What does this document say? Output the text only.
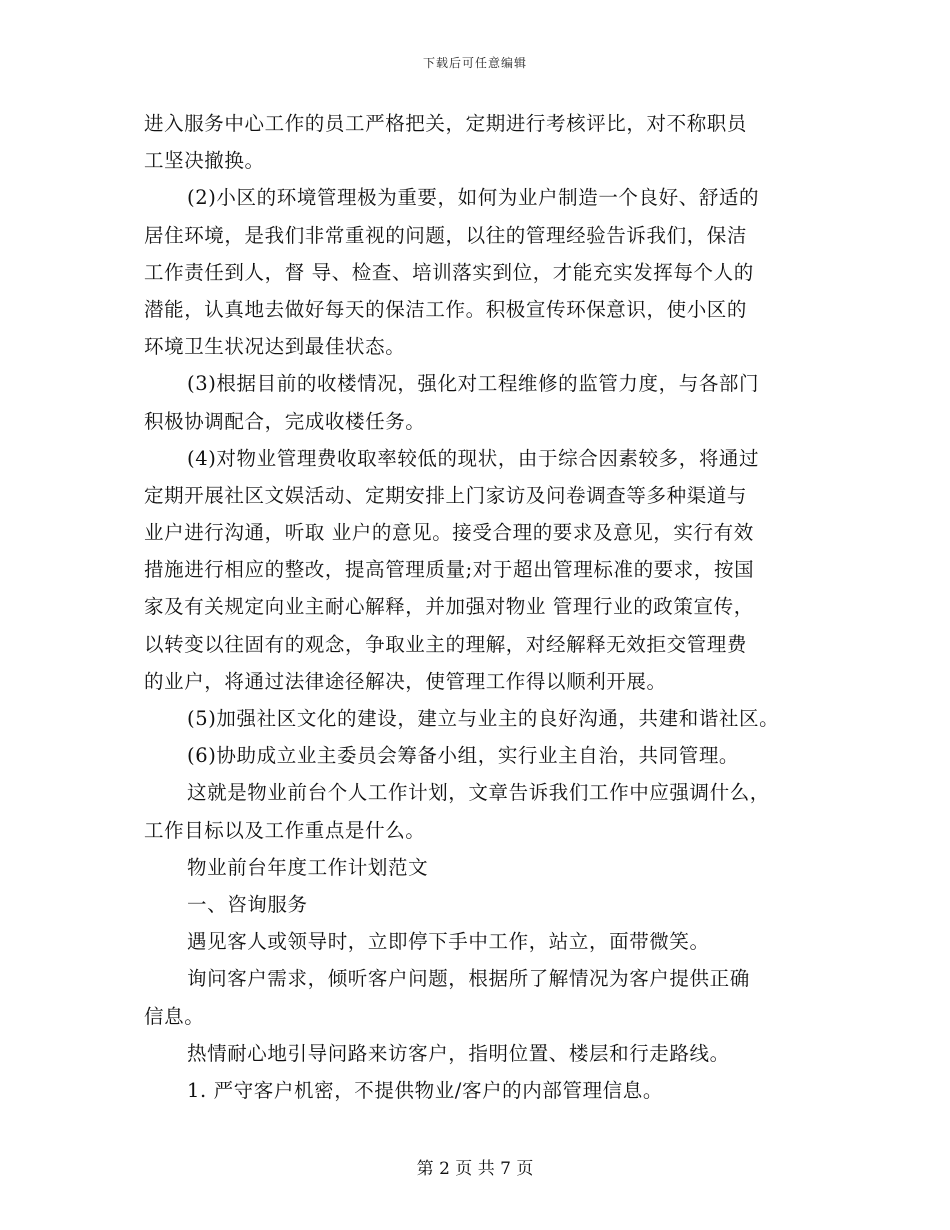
下载后可任意编辑
进入服务中心工作的员工严格把关，定期进行考核评比，对不称职员
工坚决撤换。
(2)小区的环境管理极为重要，如何为业户制造一个良好、舒适的
居住环境，是我们非常重视的问题，以往的管理经验告诉我们，保洁
工作责任到人，督 导、检查、培训落实到位，才能充实发挥每个人的
潜能，认真地去做好每天的保洁工作。积极宣传环保意识，使小区的
环境卫生状况达到最佳状态。
(3)根据目前的收楼情况，强化对工程维修的监管力度，与各部门
积极协调配合，完成收楼任务。
(4)对物业管理费收取率较低的现状，由于综合因素较多，将通过
定期开展社区文娱活动、定期安排上门家访及问卷调查等多种渠道与
业户进行沟通，听取 业户的意见。接受合理的要求及意见，实行有效
措施进行相应的整改，提高管理质量;对于超出管理标准的要求，按国
家及有关规定向业主耐心解释，并加强对物业 管理行业的政策宣传，
以转变以往固有的观念，争取业主的理解，对经解释无效拒交管理费
的业户，将通过法律途径解决，使管理工作得以顺利开展。
(5)加强社区文化的建设，建立与业主的良好沟通，共建和谐社区。
(6)协助成立业主委员会筹备小组，实行业主自治，共同管理。
这就是物业前台个人工作计划，文章告诉我们工作中应强调什么，
工作目标以及工作重点是什么。
物业前台年度工作计划范文
一、咨询服务
遇见客人或领导时，立即停下手中工作，站立，面带微笑。
询问客户需求，倾听客户问题，根据所了解情况为客户提供正确
信息。
热情耐心地引导问路来访客户，指明位置、楼层和行走路线。
1. 严守客户机密，不提供物业/客户的内部管理信息。
第 2 页 共 7 页
